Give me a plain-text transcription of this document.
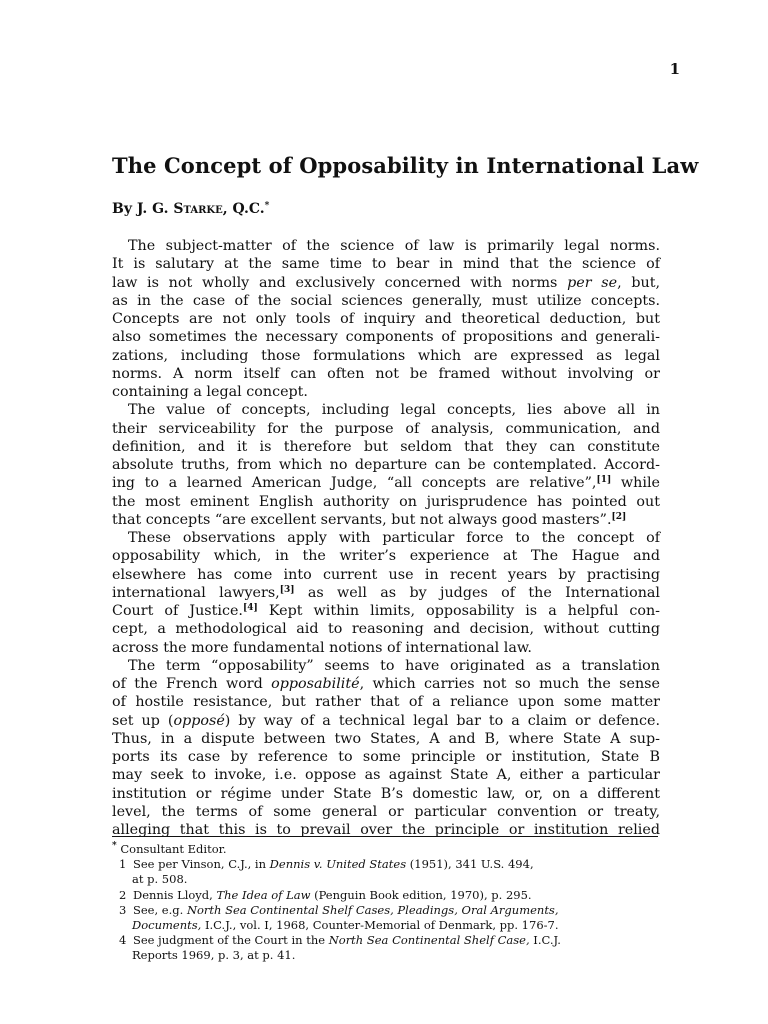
1
The Concept of Opposability in International Law
By J. G. Starke, Q.C.*

The subject-matter of the science of law is primarily legal norms.
It is salutary at the same time to bear in mind that the science of
law is not wholly and exclusively concerned with norms per se, but,
as in the case of the social sciences generally, must utilize concepts.
Concepts are not only tools of inquiry and theoretical deduction, but
also sometimes the necessary components of propositions and generali-
zations, including those formulations which are expressed as legal
norms. A norm itself can often not be framed without involving or
containing a legal concept.

The value of concepts, including legal concepts, lies above all in
their serviceability for the purpose of analysis, communication, and
definition, and it is therefore but seldom that they can constitute
absolute truths, from which no departure can be contemplated. Accord-
ing to a learned American Judge, “all concepts are relative”,[1] while
the most eminent English authority on jurisprudence has pointed out
that concepts “are excellent servants, but not always good masters”.[2]

These observations apply with particular force to the concept of
opposability which, in the writer’s experience at The Hague and
elsewhere has come into current use in recent years by practising
international lawyers,[3] as well as by judges of the International
Court of Justice.[4] Kept within limits, opposability is a helpful con-
cept, a methodological aid to reasoning and decision, without cutting
across the more fundamental notions of international law.

The term “opposability” seems to have originated as a translation
of the French word opposabilité, which carries not so much the sense
of hostile resistance, but rather that of a reliance upon some matter
set up (opposé) by way of a technical legal bar to a claim or defence.
Thus, in a dispute between two States, A and B, where State A sup-
ports its case by reference to some principle or institution, State B
may seek to invoke, i.e. oppose as against State A, either a particular
institution or régime under State B’s domestic law, or, on a different
level, the terms of some general or particular convention or treaty,
alleging that this is to prevail over the principle or institution relied

* Consultant Editor.
1 See per Vinson, C.J., in Dennis v. United States (1951), 341 U.S. 494,
at p. 508.
2 Dennis Lloyd, The Idea of Law (Penguin Book edition, 1970), p. 295.
3 See, e.g. North Sea Continental Shelf Cases, Pleadings, Oral Arguments,
Documents, I.C.J., vol. I, 1968, Counter-Memorial of Denmark, pp. 176-7.
4 See judgment of the Court in the North Sea Continental Shelf Case, I.C.J.
Reports 1969, p. 3, at p. 41.
